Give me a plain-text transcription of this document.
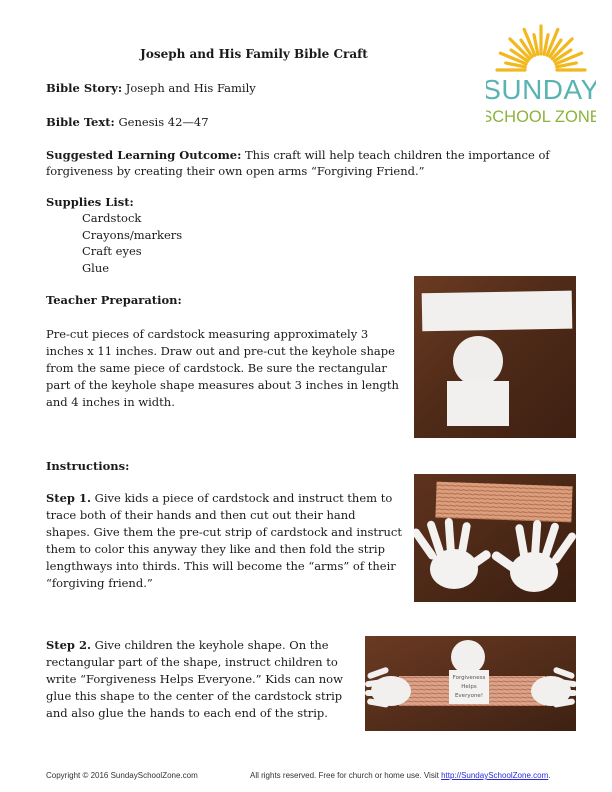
Joseph and His Family Bible Craft
SUNDAY
SCHOOL ZONE
Bible Story: Joseph and His Family
Bible Text: Genesis 42—47
Suggested Learning Outcome: This craft will help teach children the importance of
forgiveness by creating their own open arms “Forgiving Friend.”
Supplies List:
Cardstock
Crayons/markers
Craft eyes
Glue
Teacher Preparation:
Pre-cut pieces of cardstock measuring approximately 3
inches x 11 inches. Draw out and pre-cut the keyhole shape
from the same piece of cardstock. Be sure the rectangular
part of the keyhole shape measures about 3 inches in length
and 4 inches in width.
Instructions:
Step 1. Give kids a piece of cardstock and instruct them to
trace both of their hands and then cut out their hand
shapes. Give them the pre-cut strip of cardstock and instruct
them to color this anyway they like and then fold the strip
lengthways into thirds. This will become the “arms” of their
“forgiving friend.”
Step 2. Give children the keyhole shape. On the
rectangular part of the shape, instruct children to
write “Forgiveness Helps Everyone.” Kids can now
glue this shape to the center of the cardstock strip
and also glue the hands to each end of the strip.
Forgiveness
Helps
Everyone!
Copyright © 2016 SundaySchoolZone.com	All rights reserved. Free for church or home use. Visit http://SundaySchoolZone.com.
